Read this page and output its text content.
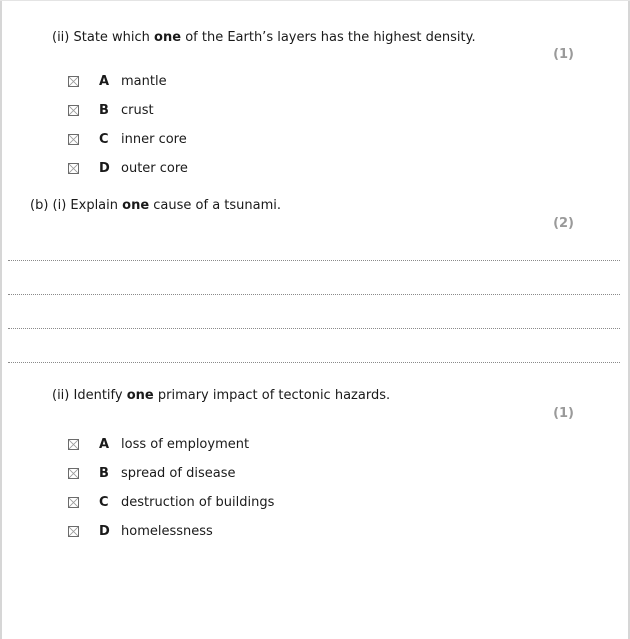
(ii) State which one of the Earth’s layers has the highest density.
(1)
A mantle
B crust
C inner core
D outer core
(b) (i) Explain one cause of a tsunami.
(2)
(ii) Identify one primary impact of tectonic hazards.
(1)
A loss of employment
B spread of disease
C destruction of buildings
D homelessness
